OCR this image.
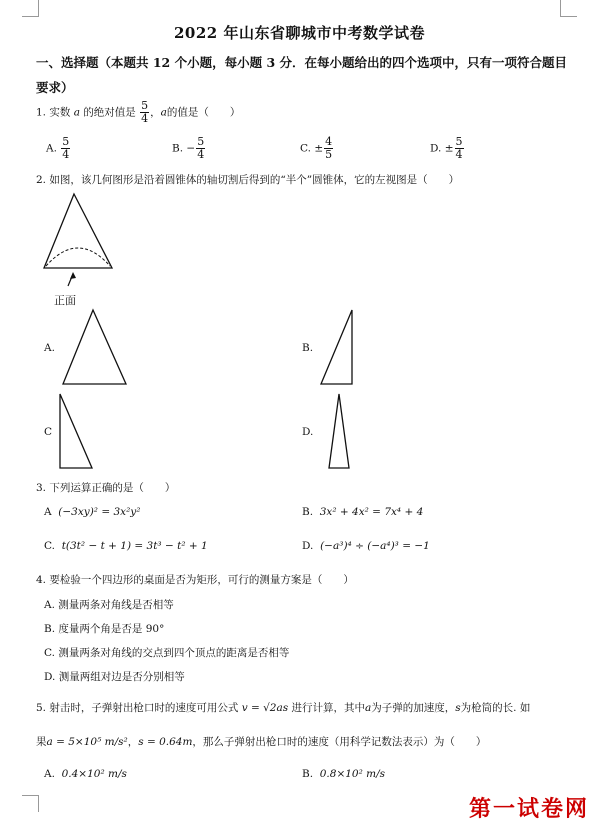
2022 年山东省聊城市中考数学试卷
一、选择题（本题共 12 个小题，每小题 3 分．在每小题给出的四个选项中，只有一项符合题目要求）
1. 实数 a 的绝对值是 $\frac{5}{4}$ ，a的值是（　　）
A. $\frac{5}{4}$	B. − $\frac{5}{4}$	C. ± $\frac{4}{5}$	D. ± $\frac{5}{4}$
2. 如图，该几何图形是沿着圆锥体的轴切割后得到的“半个”圆锥体，它的左视图是（　　）
正面
A.	B.
C	D.
3. 下列运算正确的是（　　）
A (−3xy)² = 3x²y²	B. 3x² + 4x² = 7x⁴ + 4
C. t(3t² − t + 1) = 3t³ − t² + 1	D. (−a³)⁴ ÷ (−a⁴)³ = −1
4. 要检验一个四边形的桌面是否为矩形，可行的测量方案是（　　）
A. 测量两条对角线是否相等
B. 度量两个角是否是 90°
C. 测量两条对角线的交点到四个顶点的距离是否相等
D. 测量两组对边是否分别相等
5. 射击时，子弹射出枪口时的速度可用公式 v = √2as 进行计算，其中a为子弹的加速度，s为枪筒的长. 如
果a = 5×10⁵ m/s²，s = 0.64m，那么子弹射出枪口时的速度（用科学记数法表示）为（　　）
A. 0.4×10² m/s	B. 0.8×10² m/s
第一试卷网
